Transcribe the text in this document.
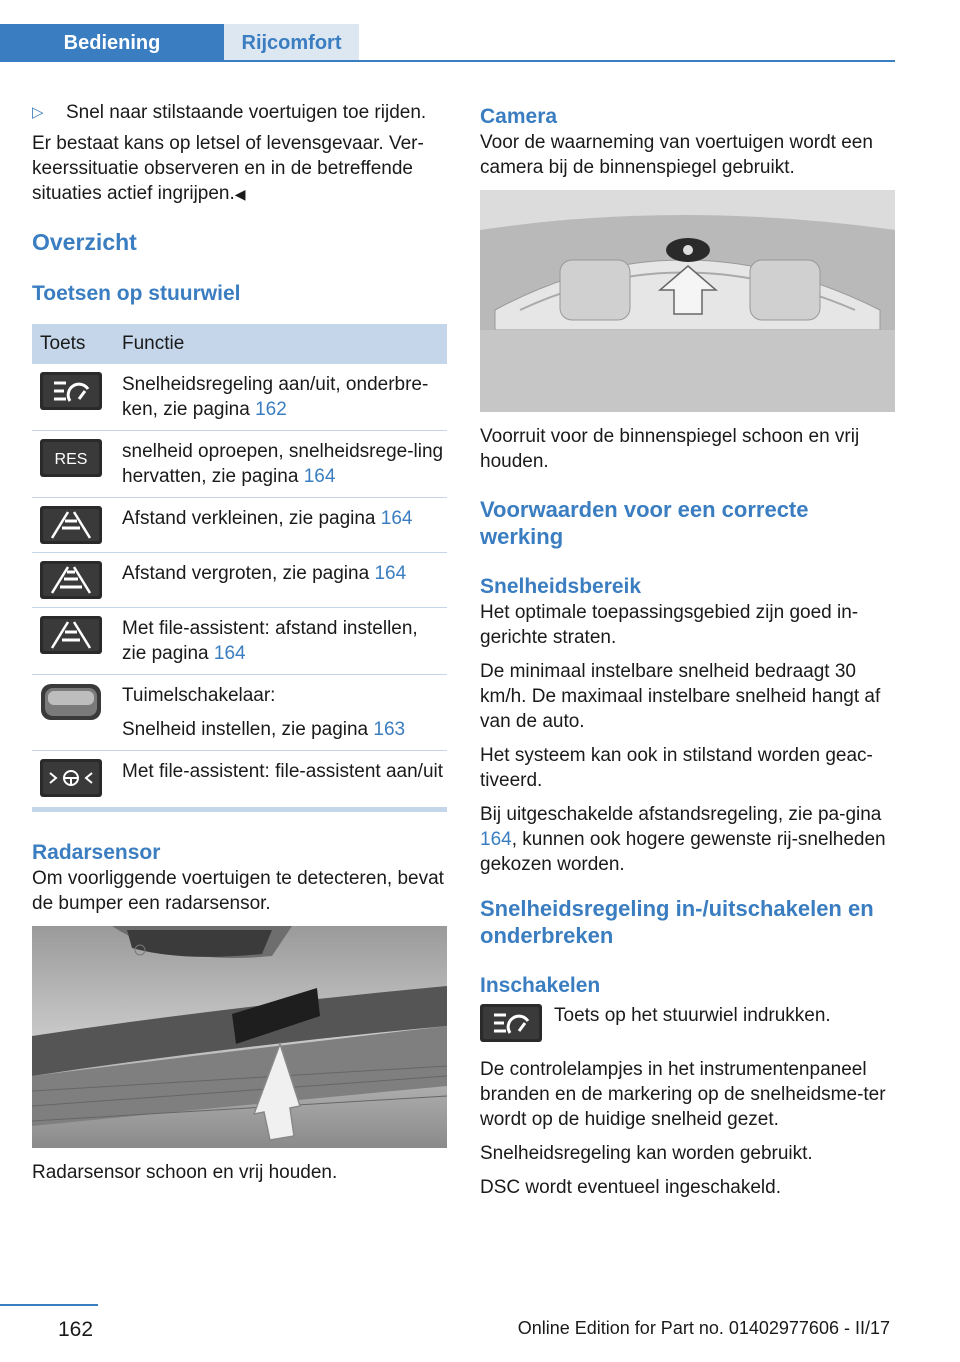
Bediening	Rijcomfort
▷	Snel naar stilstaande voertuigen toe rijden.

Er bestaat kans op letsel of levensgevaar. Ver‐keerssituatie observeren en in de betreffende situaties actief ingrijpen.◀

Overzicht
Toetsen op stuurwiel
Toets	Functie

	Snelheidsregeling aan/uit, onderbre‐ken, zie pagina 162

RES	snelheid oproepen, snelheidsrege‐ling hervatten, zie pagina 164

	Afstand verkleinen, zie pagina 164

	Afstand vergroten, zie pagina 164

	Met file-assistent: afstand instellen, zie pagina 164

Tuimelschakelaar:
Snelheid instellen, zie pagina 163

	Met file-assistent: file-assistent aan/uit
Radarsensor

Om voorliggende voertuigen te detecteren, bevat de bumper een radarsensor.

Radarsensor schoon en vrij houden.

Camera

Voor de waarneming van voertuigen wordt een camera bij de binnenspiegel gebruikt.

Voorruit voor de binnenspiegel schoon en vrij houden.

Voorwaarden voor een correcte werking
Snelheidsbereik

Het optimale toepassingsgebied zijn goed in‐gerichte straten.

De minimaal instelbare snelheid bedraagt 30 km/h. De maximaal instelbare snelheid hangt af van de auto.

Het systeem kan ook in stilstand worden geac‐tiveerd.

Bij uitgeschakelde afstandsregeling, zie pa‐gina 164, kunnen ook hogere gewenste rij‐snelheden gekozen worden.

Snelheidsregeling in-/uitschakelen en onderbreken
Inschakelen
Toets op het stuurwiel indrukken.

De controlelampjes in het instrumentenpaneel branden en de markering op de snelheidsme‐ter wordt op de huidige snelheid gezet.

Snelheidsregeling kan worden gebruikt.

DSC wordt eventueel ingeschakeld.

162	Online Edition for Part no. 01402977606 - II/17
